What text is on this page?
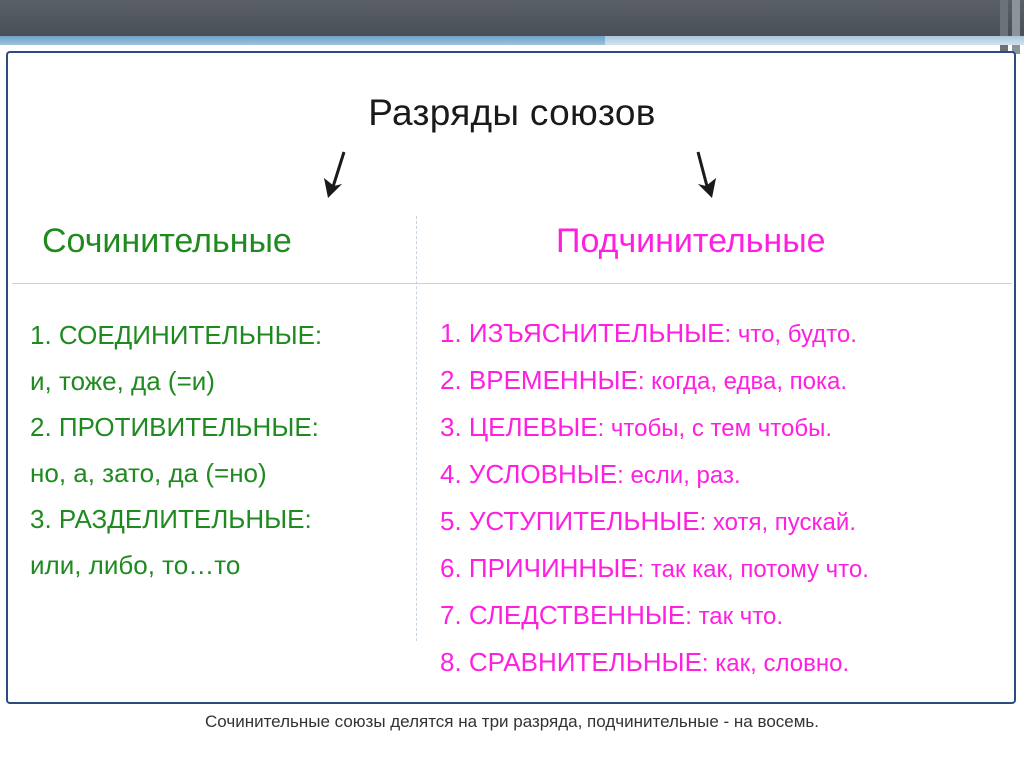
Разряды союзов
Сочинительные	Подчинительные
1. СОЕДИНИТЕЛЬНЫЕ:
и, тоже, да (=и)
2. ПРОТИВИТЕЛЬНЫЕ:
но, а, зато, да (=но)
3. РАЗДЕЛИТЕЛЬНЫЕ:
или, либо, то…то
1. ИЗЪЯСНИТЕЛЬНЫЕ: что, будто.
2. ВРЕМЕННЫЕ: когда, едва, пока.
3. ЦЕЛЕВЫЕ: чтобы, с тем чтобы.
4. УСЛОВНЫЕ: если, раз.
5. УСТУПИТЕЛЬНЫЕ: хотя, пускай.
6. ПРИЧИННЫЕ: так как, потому что.
7. СЛЕДСТВЕННЫЕ: так что.
8. СРАВНИТЕЛЬНЫЕ: как, словно.
Сочинительные союзы делятся на три разряда, подчинительные - на восемь.
